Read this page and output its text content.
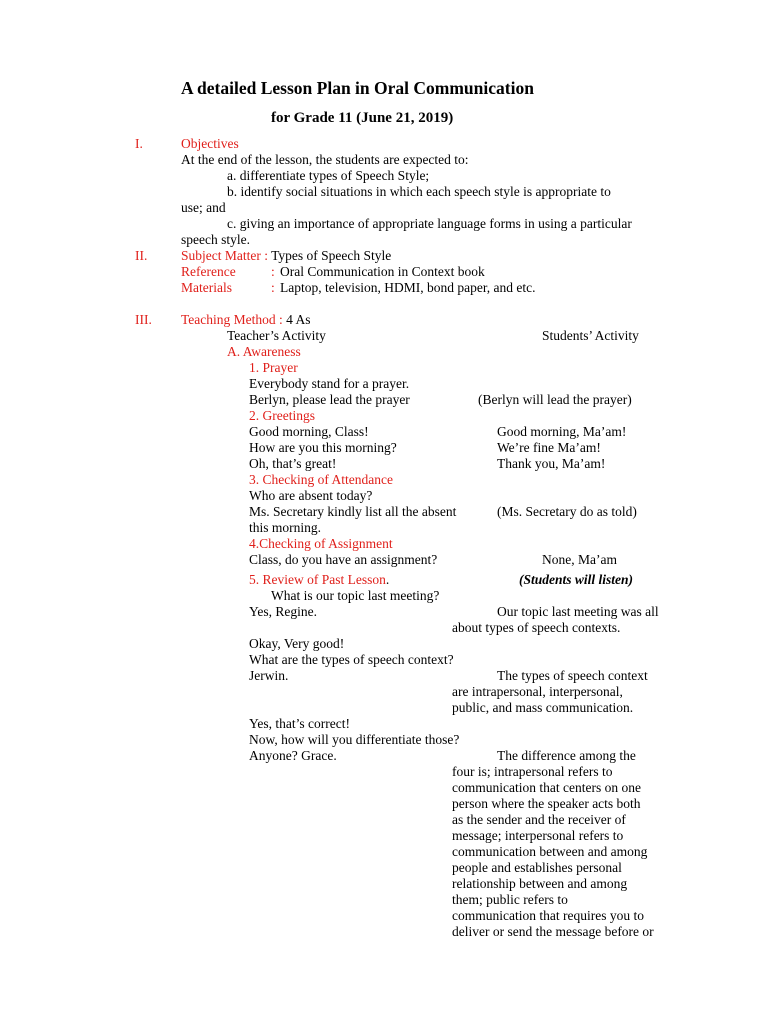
A detailed Lesson Plan in Oral Communication
for Grade 11 (June 21, 2019)
I.	Objectives
At the end of the lesson, the students are expected to:
a. differentiate types of Speech Style;
b. identify social situations in which each speech style is appropriate to
use; and
c. giving an importance of appropriate language forms in using a particular
speech style.
II. Subject Matter : Types of Speech Style
Reference	: Oral Communication in Context book
Materials	: Laptop, television, HDMI, bond paper, and etc.
III. Teaching Method : 4 As
Teacher’s Activity	Students’ Activity
A. Awareness
1. Prayer
Everybody stand for a prayer.
Berlyn, please lead the prayer	(Berlyn will lead the prayer)
2. Greetings
Good morning, Class!	Good morning, Ma’am!
How are you this morning?	We’re fine Ma’am!
Oh, that’s great!	Thank you, Ma’am!
3. Checking of Attendance
Who are absent today?
Ms. Secretary kindly list all the absent	(Ms. Secretary do as told)
this morning.
4.Checking of Assignment
Class, do you have an assignment?	None, Ma’am
5. Review of Past Lesson.	(Students will listen)
What is our topic last meeting?
Yes, Regine.	Our topic last meeting was all
about types of speech contexts.
Okay, Very good!
What are the types of speech context?
Jerwin.	The types of speech context
are intrapersonal, interpersonal,
public, and mass communication.
Yes, that’s correct!
Now, how will you differentiate those?
Anyone? Grace.	The difference among the
four is; intrapersonal refers to
communication that centers on one
person where the speaker acts both
as the sender and the receiver of
message; interpersonal refers to
communication between and among
people and establishes personal
relationship between and among
them; public refers to
communication that requires you to
deliver or send the message before or
